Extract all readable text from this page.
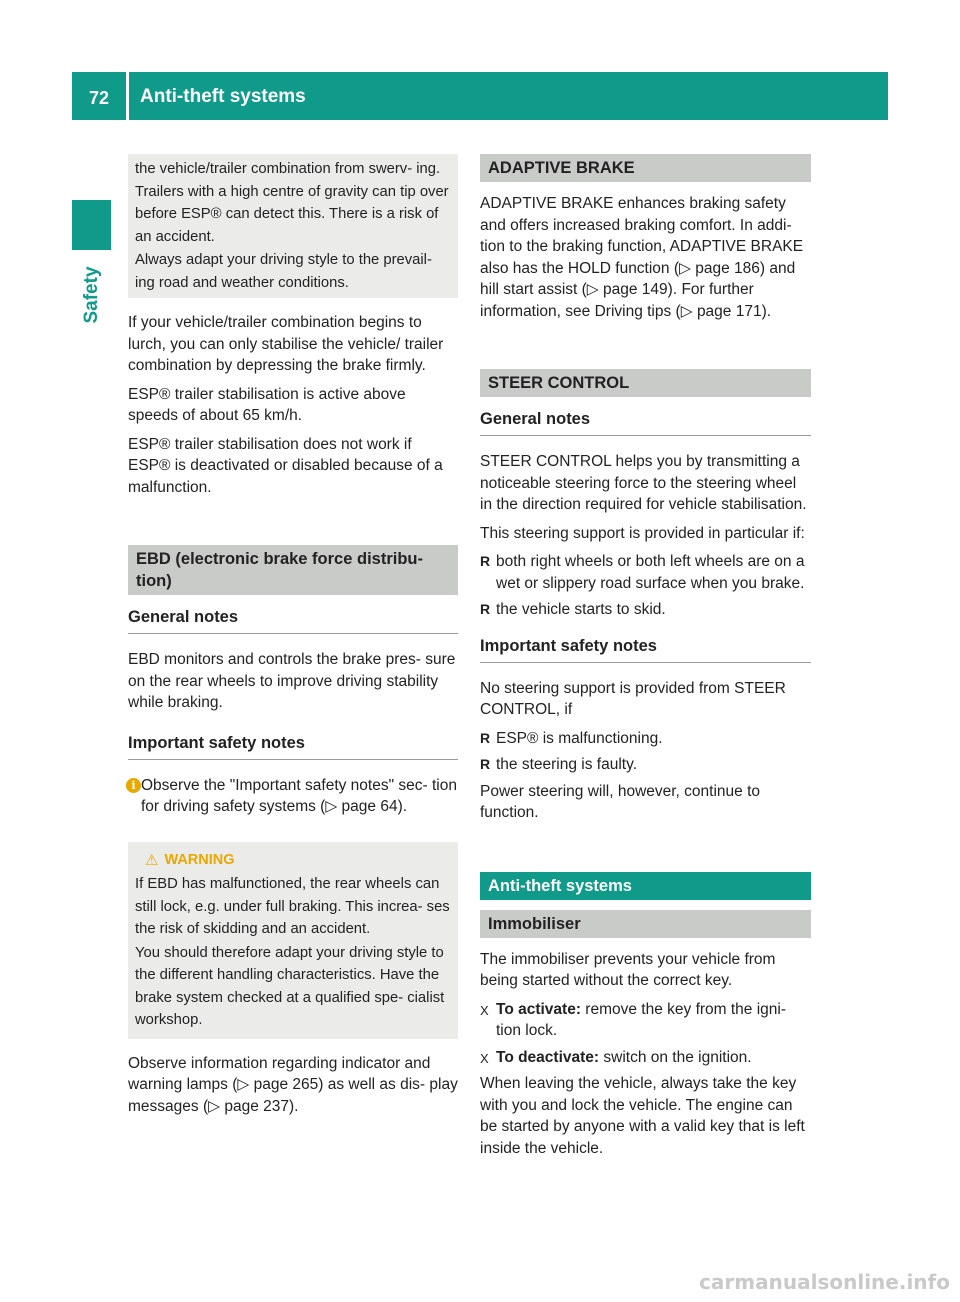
72	Anti-theft systems
Safety

the vehicle/trailer combination from swerv- ing. Trailers with a high centre of gravity can tip over before ESP® can detect this. There is a risk of an accident.

Always adapt your driving style to the prevail- ing road and weather conditions.

If your vehicle/trailer combination begins to lurch, you can only stabilise the vehicle/ trailer combination by depressing the brake firmly.

ESP® trailer stabilisation is active above speeds of about 65 km/h.

ESP® trailer stabilisation does not work if ESP® is deactivated or disabled because of a malfunction.

EBD (electronic brake force distribu- tion)
General notes

EBD monitors and controls the brake pres- sure on the rear wheels to improve driving stability while braking.

Important safety notes
i Observe the "Important safety notes" sec- tion for driving safety systems (▷ page 64).
⚠ WARNING

If EBD has malfunctioned, the rear wheels can still lock, e.g. under full braking. This increa- ses the risk of skidding and an accident.

You should therefore adapt your driving style to the different handling characteristics. Have the brake system checked at a qualified spe- cialist workshop.

Observe information regarding indicator and warning lamps (▷ page 265) as well as dis- play messages (▷ page 237).

ADAPTIVE BRAKE

ADAPTIVE BRAKE enhances braking safety and offers increased braking comfort. In addi- tion to the braking function, ADAPTIVE BRAKE also has the HOLD function (▷ page 186) and hill start assist (▷ page 149). For further information, see Driving tips (▷ page 171).

STEER CONTROL
General notes

STEER CONTROL helps you by transmitting a noticeable steering force to the steering wheel in the direction required for vehicle stabilisation.

This steering support is provided in particular if:

R both right wheels or both left wheels are on a wet or slippery road surface when you brake.
R the vehicle starts to skid.
Important safety notes

No steering support is provided from STEER CONTROL, if

R ESP® is malfunctioning.
R the steering is faulty.

Power steering will, however, continue to function.

Anti-theft systems
Immobiliser

The immobiliser prevents your vehicle from being started without the correct key.

X To activate: remove the key from the igni- tion lock.
X To deactivate: switch on the ignition.

When leaving the vehicle, always take the key with you and lock the vehicle. The engine can be started by anyone with a valid key that is left inside the vehicle.

carmanualsonline.info
